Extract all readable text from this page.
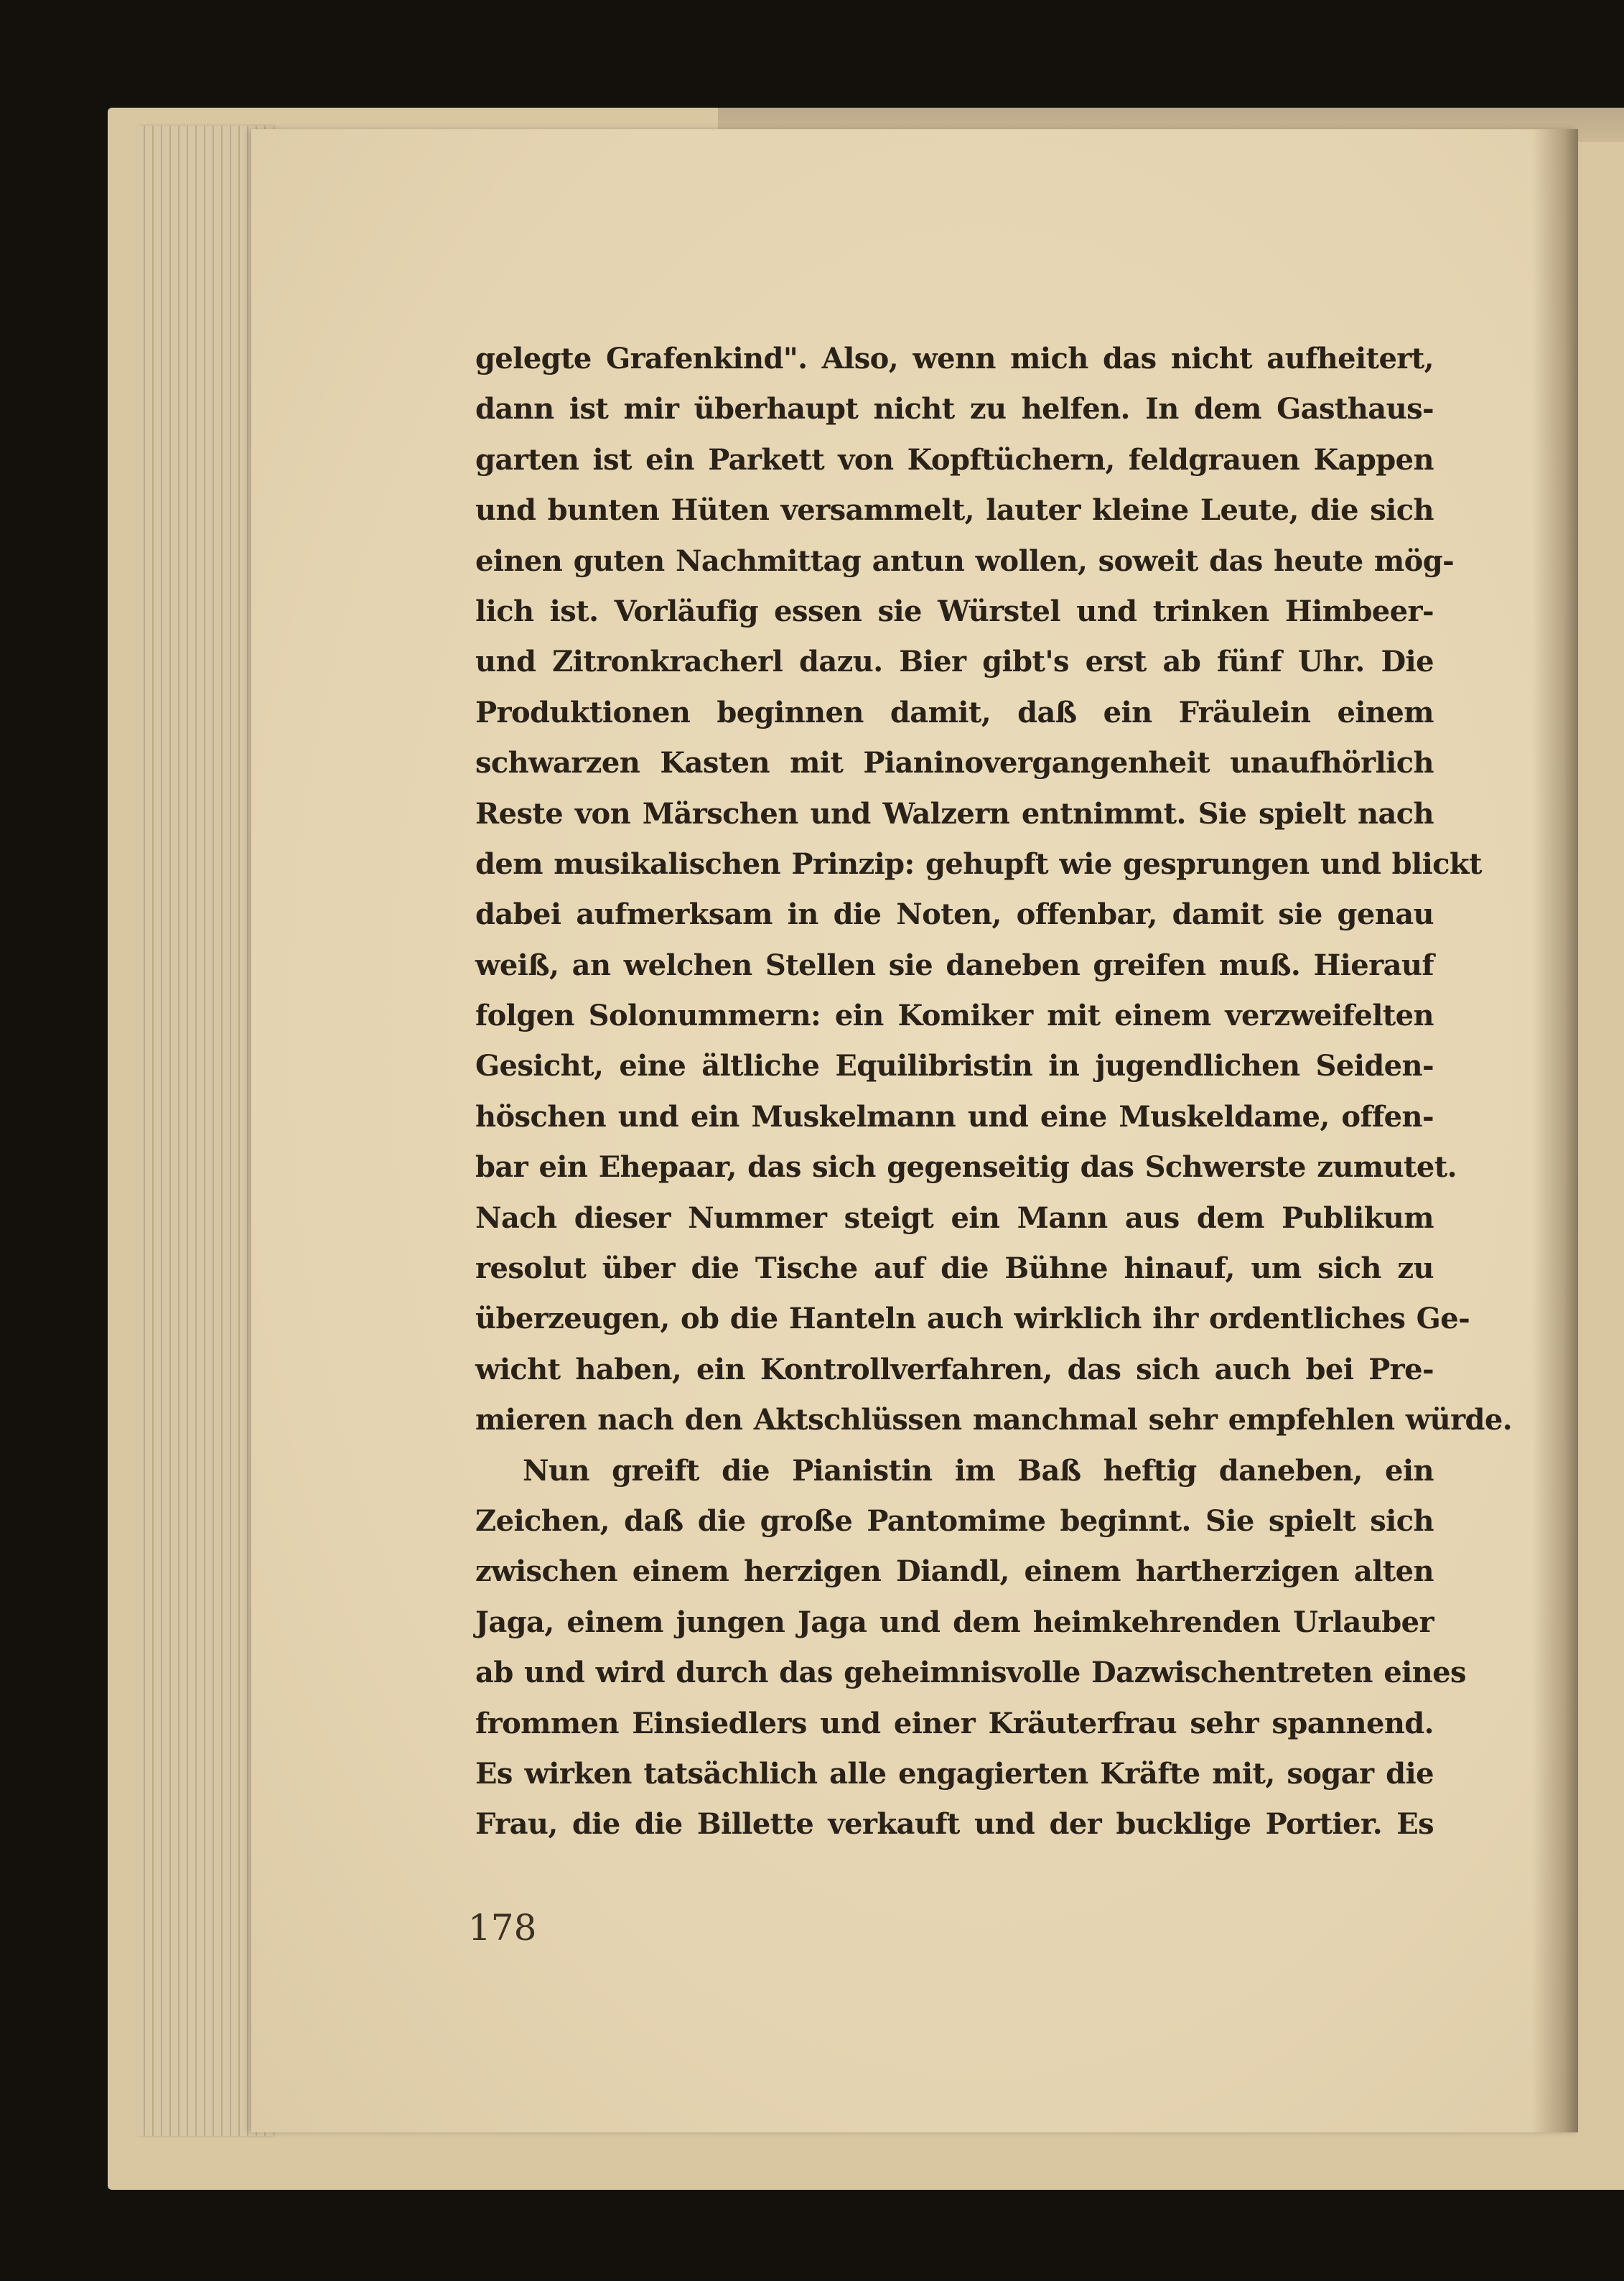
gelegte Grafenkind". Also, wenn mich das nicht aufheitert,
dann ist mir überhaupt nicht zu helfen. In dem Gasthaus-
garten ist ein Parkett von Kopftüchern, feldgrauen Kappen
und bunten Hüten versammelt, lauter kleine Leute, die sich
einen guten Nachmittag antun wollen, soweit das heute mög-
lich ist. Vorläufig essen sie Würstel und trinken Himbeer-
und Zitronkracherl dazu. Bier gibt's erst ab fünf Uhr. Die
Produktionen beginnen damit, daß ein Fräulein einem
schwarzen Kasten mit Pianinovergangenheit unaufhörlich
Reste von Märschen und Walzern entnimmt. Sie spielt nach
dem musikalischen Prinzip: gehupft wie gesprungen und blickt
dabei aufmerksam in die Noten, offenbar, damit sie genau
weiß, an welchen Stellen sie daneben greifen muß. Hierauf
folgen Solonummern: ein Komiker mit einem verzweifelten
Gesicht, eine ältliche Equilibristin in jugendlichen Seiden-
höschen und ein Muskelmann und eine Muskeldame, offen-
bar ein Ehepaar, das sich gegenseitig das Schwerste zumutet.
Nach dieser Nummer steigt ein Mann aus dem Publikum
resolut über die Tische auf die Bühne hinauf, um sich zu
überzeugen, ob die Hanteln auch wirklich ihr ordentliches Ge-
wicht haben, ein Kontrollverfahren, das sich auch bei Pre-
mieren nach den Aktschlüssen manchmal sehr empfehlen würde.
Nun greift die Pianistin im Baß heftig daneben, ein
Zeichen, daß die große Pantomime beginnt. Sie spielt sich
zwischen einem herzigen Diandl, einem hartherzigen alten
Jaga, einem jungen Jaga und dem heimkehrenden Urlauber
ab und wird durch das geheimnisvolle Dazwischentreten eines
frommen Einsiedlers und einer Kräuterfrau sehr spannend.
Es wirken tatsächlich alle engagierten Kräfte mit, sogar die
Frau, die die Billette verkauft und der bucklige Portier. Es
178
